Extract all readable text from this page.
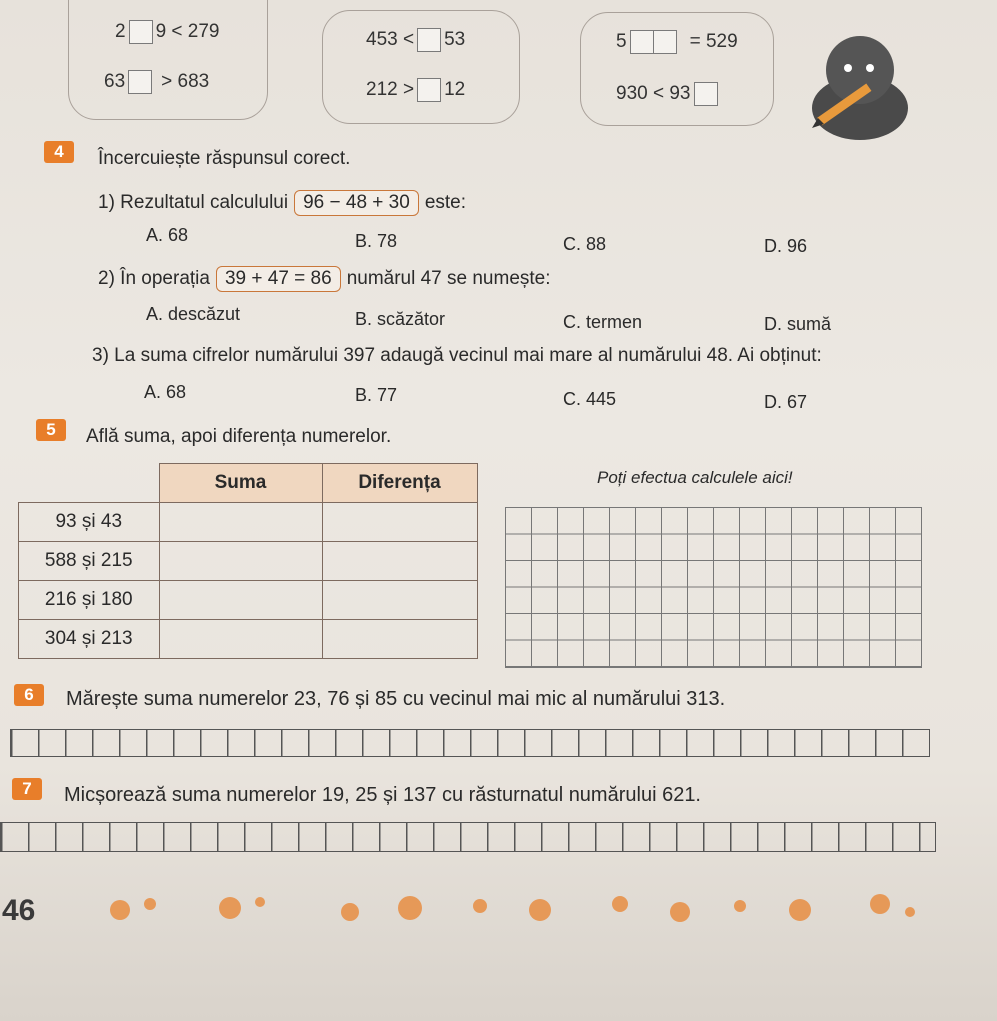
2 9 < 279
63 > 683
453 < 53
212 > 12
5	= 529
930 < 93
4	Încercuiește răspunsul corect.
1) Rezultatul calculului 96 − 48 + 30 este:
A. 68	B. 78	C. 88	D. 96
2) În operația 39 + 47 = 86 numărul 47 se numește:
A. descăzut	B. scăzător	C. termen	D. sumă
3) La suma cifrelor numărului 397 adaugă vecinul mai mare al numărului 48. Ai obținut:
A. 68	B. 77	C. 445	D. 67
5	Află suma, apoi diferența numerelor.
	Suma	Diferența
93 și 43		
588 și 215		
216 și 180		
304 și 213		
Poți efectua calculele aici!
6	Mărește suma numerelor 23, 76 și 85 cu vecinul mai mic al numărului 313.
7	Micșorează suma numerelor 19, 25 și 137 cu răsturnatul numărului 621.
46
